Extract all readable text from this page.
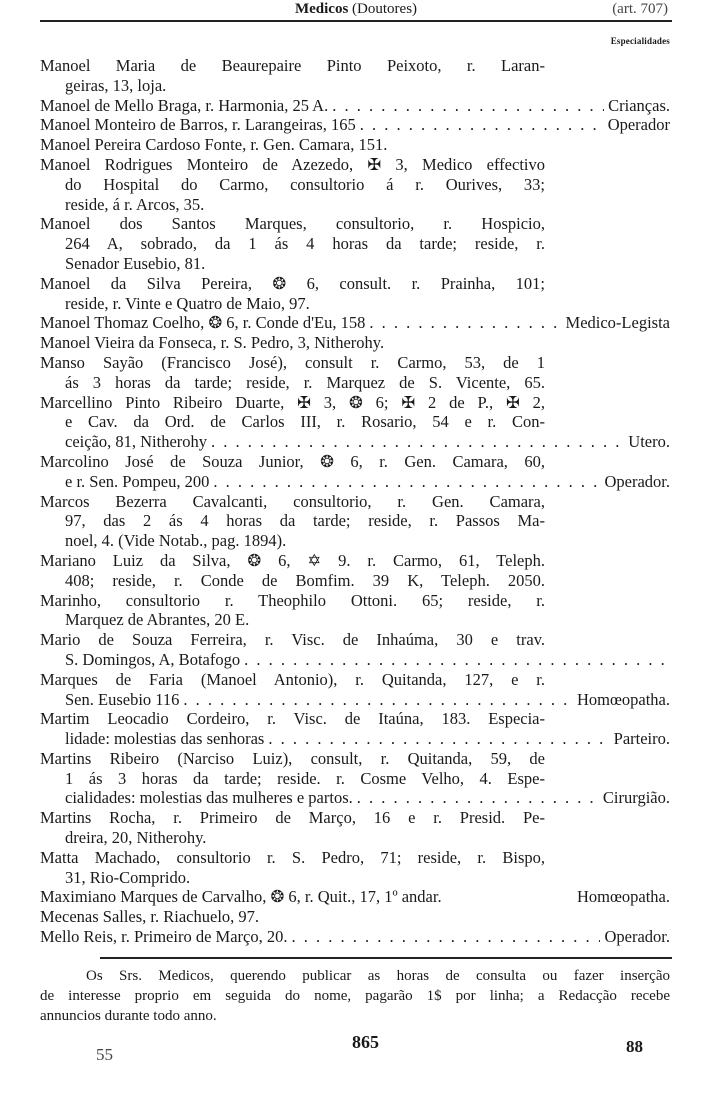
Medicos (Doutores)	(art. 707)
Especialidades
Manoel Maria de Beaurepaire Pinto Peixoto, r. Laran-
geiras, 13, loja.
Manoel de Mello Braga, r. Harmonia, 25 A. . . .	Crianças.
Manoel Monteiro de Barros, r. Larangeiras, 165 . . .	Operador
Manoel Pereira Cardoso Fonte, r. Gen. Camara, 151.
Manoel Rodrigues Monteiro de Azezedo, ✠ 3, Medico effectivo
do Hospital do Carmo, consultorio á r. Ourives, 33;
reside, á r. Arcos, 35.
Manoel dos Santos Marques, consultorio, r. Hospicio,
264 A, sobrado, da 1 ás 4 horas da tarde; reside, r.
Senador Eusebio, 81.
Manoel da Silva Pereira, ❂ 6, consult. r. Prainha, 101;
reside, r. Vinte e Quatro de Maio, 97.
Manoel Thomaz Coelho, ❂ 6, r. Conde d'Eu, 158 . . .	Medico-Legista
Manoel Vieira da Fonseca, r. S. Pedro, 3, Nitherohy.
Manso Sayão (Francisco José), consult r. Carmo, 53, de 1
ás 3 horas da tarde; reside, r. Marquez de S. Vicente, 65.
Marcellino Pinto Ribeiro Duarte, ✠ 3, ❂ 6; ✠ 2 de P., ✠ 2,
e Cav. da Ord. de Carlos III, r. Rosario, 54 e r. Con-
ceição, 81, Nitherohy . . .	Utero.
Marcolino José de Souza Junior, ❂ 6, r. Gen. Camara, 60,
e r. Sen. Pompeu, 200 . . .	Operador.
Marcos Bezerra Cavalcanti, consultorio, r. Gen. Camara,
97, das 2 ás 4 horas da tarde; reside, r. Passos Ma-
noel, 4. (Vide Notab., pag. 1894).
Mariano Luiz da Silva, ❂ 6, ✡ 9. r. Carmo, 61, Teleph.
408; reside, r. Conde de Bomfim. 39 K, Teleph. 2050.
Marinho, consultorio r. Theophilo Ottoni. 65; reside, r.
Marquez de Abrantes, 20 E.
Mario de Souza Ferreira, r. Visc. de Inhaúma, 30 e trav.
S. Domingos, A, Botafogo
. . .
Marques de Faria (Manoel Antonio), r. Quitanda, 127, e r.
Sen. Eusebio 116 . . .	Homœopatha.
Martim Leocadio Cordeiro, r. Visc. de Itaúna, 183. Especia-
lidade: molestias das senhoras . . .	Parteiro.
Martins Ribeiro (Narciso Luiz), consult, r. Quitanda, 59, de
1 ás 3 horas da tarde; reside. r. Cosme Velho, 4. Espe-
cialidades: molestias das mulheres e partos. . . .	Cirurgião.
Martins Rocha, r. Primeiro de Março, 16 e r. Presid. Pe-
dreira, 20, Nitherohy.
Matta Machado, consultorio r. S. Pedro, 71; reside, r. Bispo,
31, Rio-Comprido.
Maximiano Marques de Carvalho, ❂ 6, r. Quit., 17, 1º andar.	Homœopatha.
Mecenas Salles, r. Riachuelo, 97.
Mello Reis, r. Primeiro de Março, 20. . . .	Operador.
Os Srs. Medicos, querendo publicar as horas de consulta ou fazer inserção
de interesse proprio em seguida do nome, pagarão 1$ por linha; a Redacção recebe
annuncios durante todo anno.
865
55	88
